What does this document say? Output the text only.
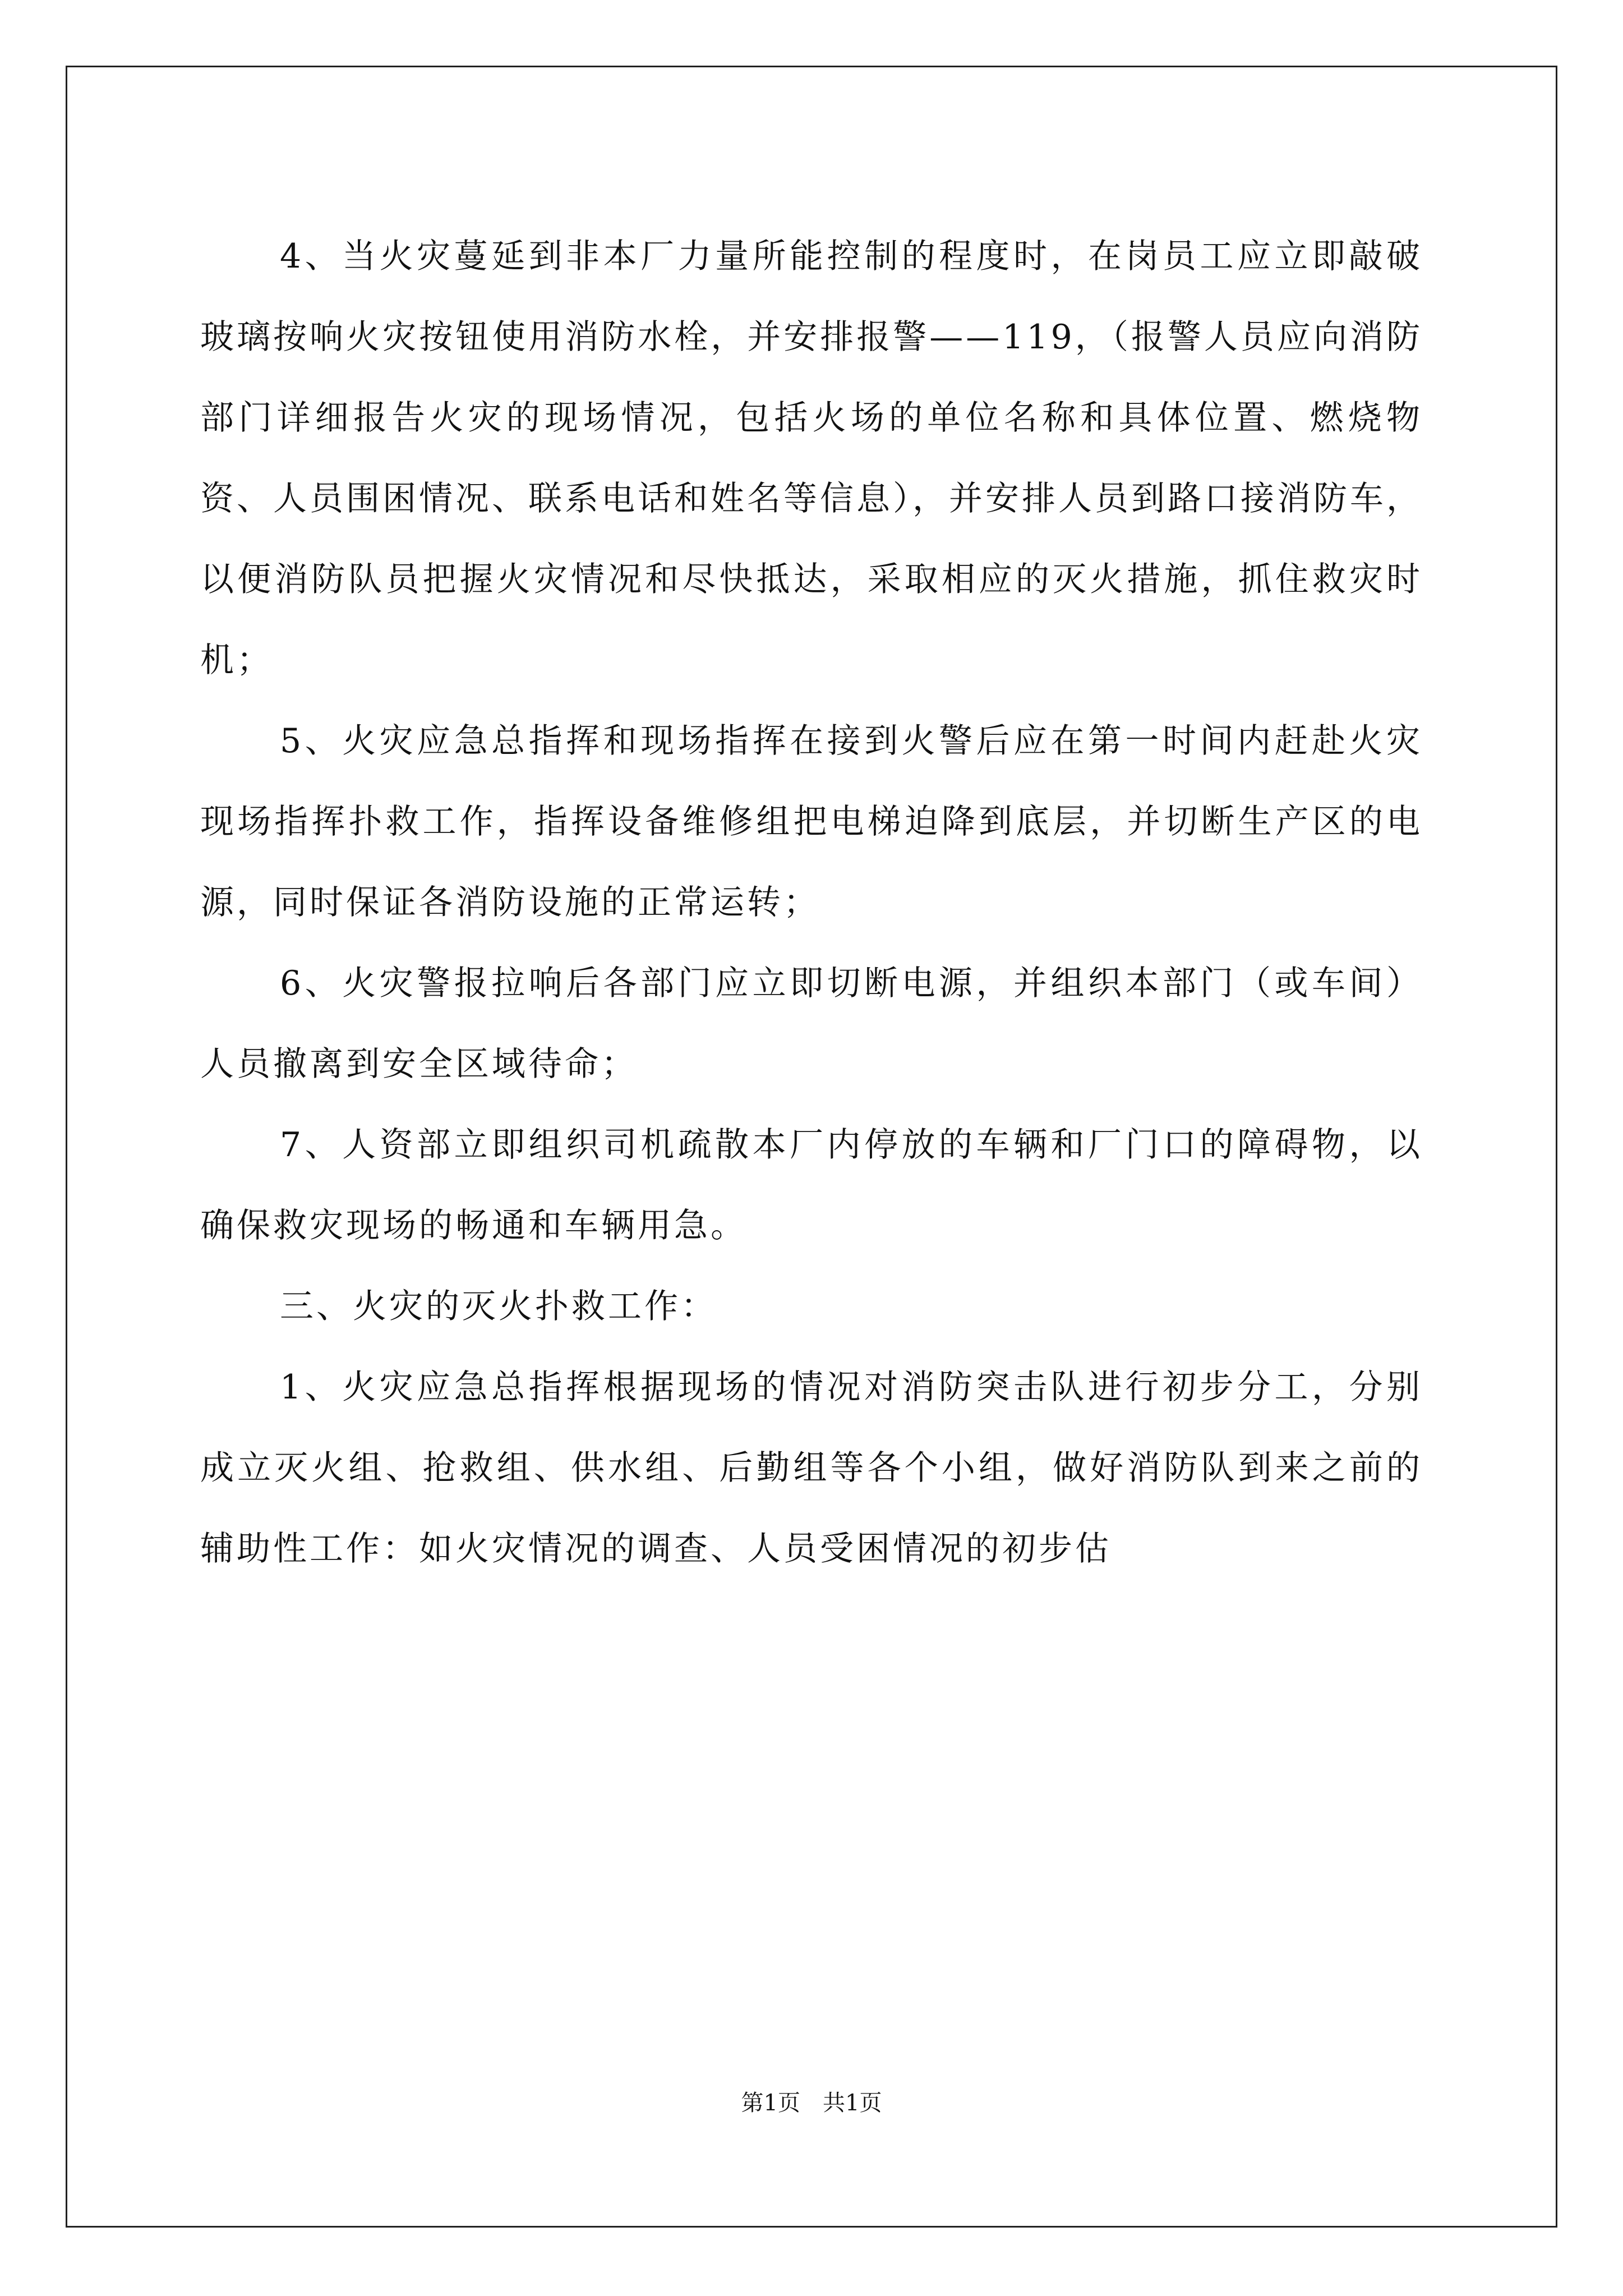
4、当火灾蔓延到非本厂力量所能控制的程度时，在岗员工应立即敲破玻璃按响火灾按钮使用消防水栓，并安排报警——119，（报警人员应向消防部门详细报告火灾的现场情况，包括火场的单位名称和具体位置、燃烧物资、人员围困情况、联系电话和姓名等信息），并安排人员到路口接消防车，以便消防队员把握火灾情况和尽快抵达，采取相应的灭火措施，抓住救灾时机；

5、火灾应急总指挥和现场指挥在接到火警后应在第一时间内赶赴火灾现场指挥扑救工作，指挥设备维修组把电梯迫降到底层，并切断生产区的电源，同时保证各消防设施的正常运转；

6、火灾警报拉响后各部门应立即切断电源，并组织本部门（或车间）人员撤离到安全区域待命；

7、人资部立即组织司机疏散本厂内停放的车辆和厂门口的障碍物，以确保救灾现场的畅通和车辆用急。

三、火灾的灭火扑救工作：

1、火灾应急总指挥根据现场的情况对消防突击队进行初步分工，分别成立灭火组、抢救组、供水组、后勤组等各个小组，做好消防队到来之前的辅助性工作：如火灾情况的调查、人员受困情况的初步估

第1页　共1页
